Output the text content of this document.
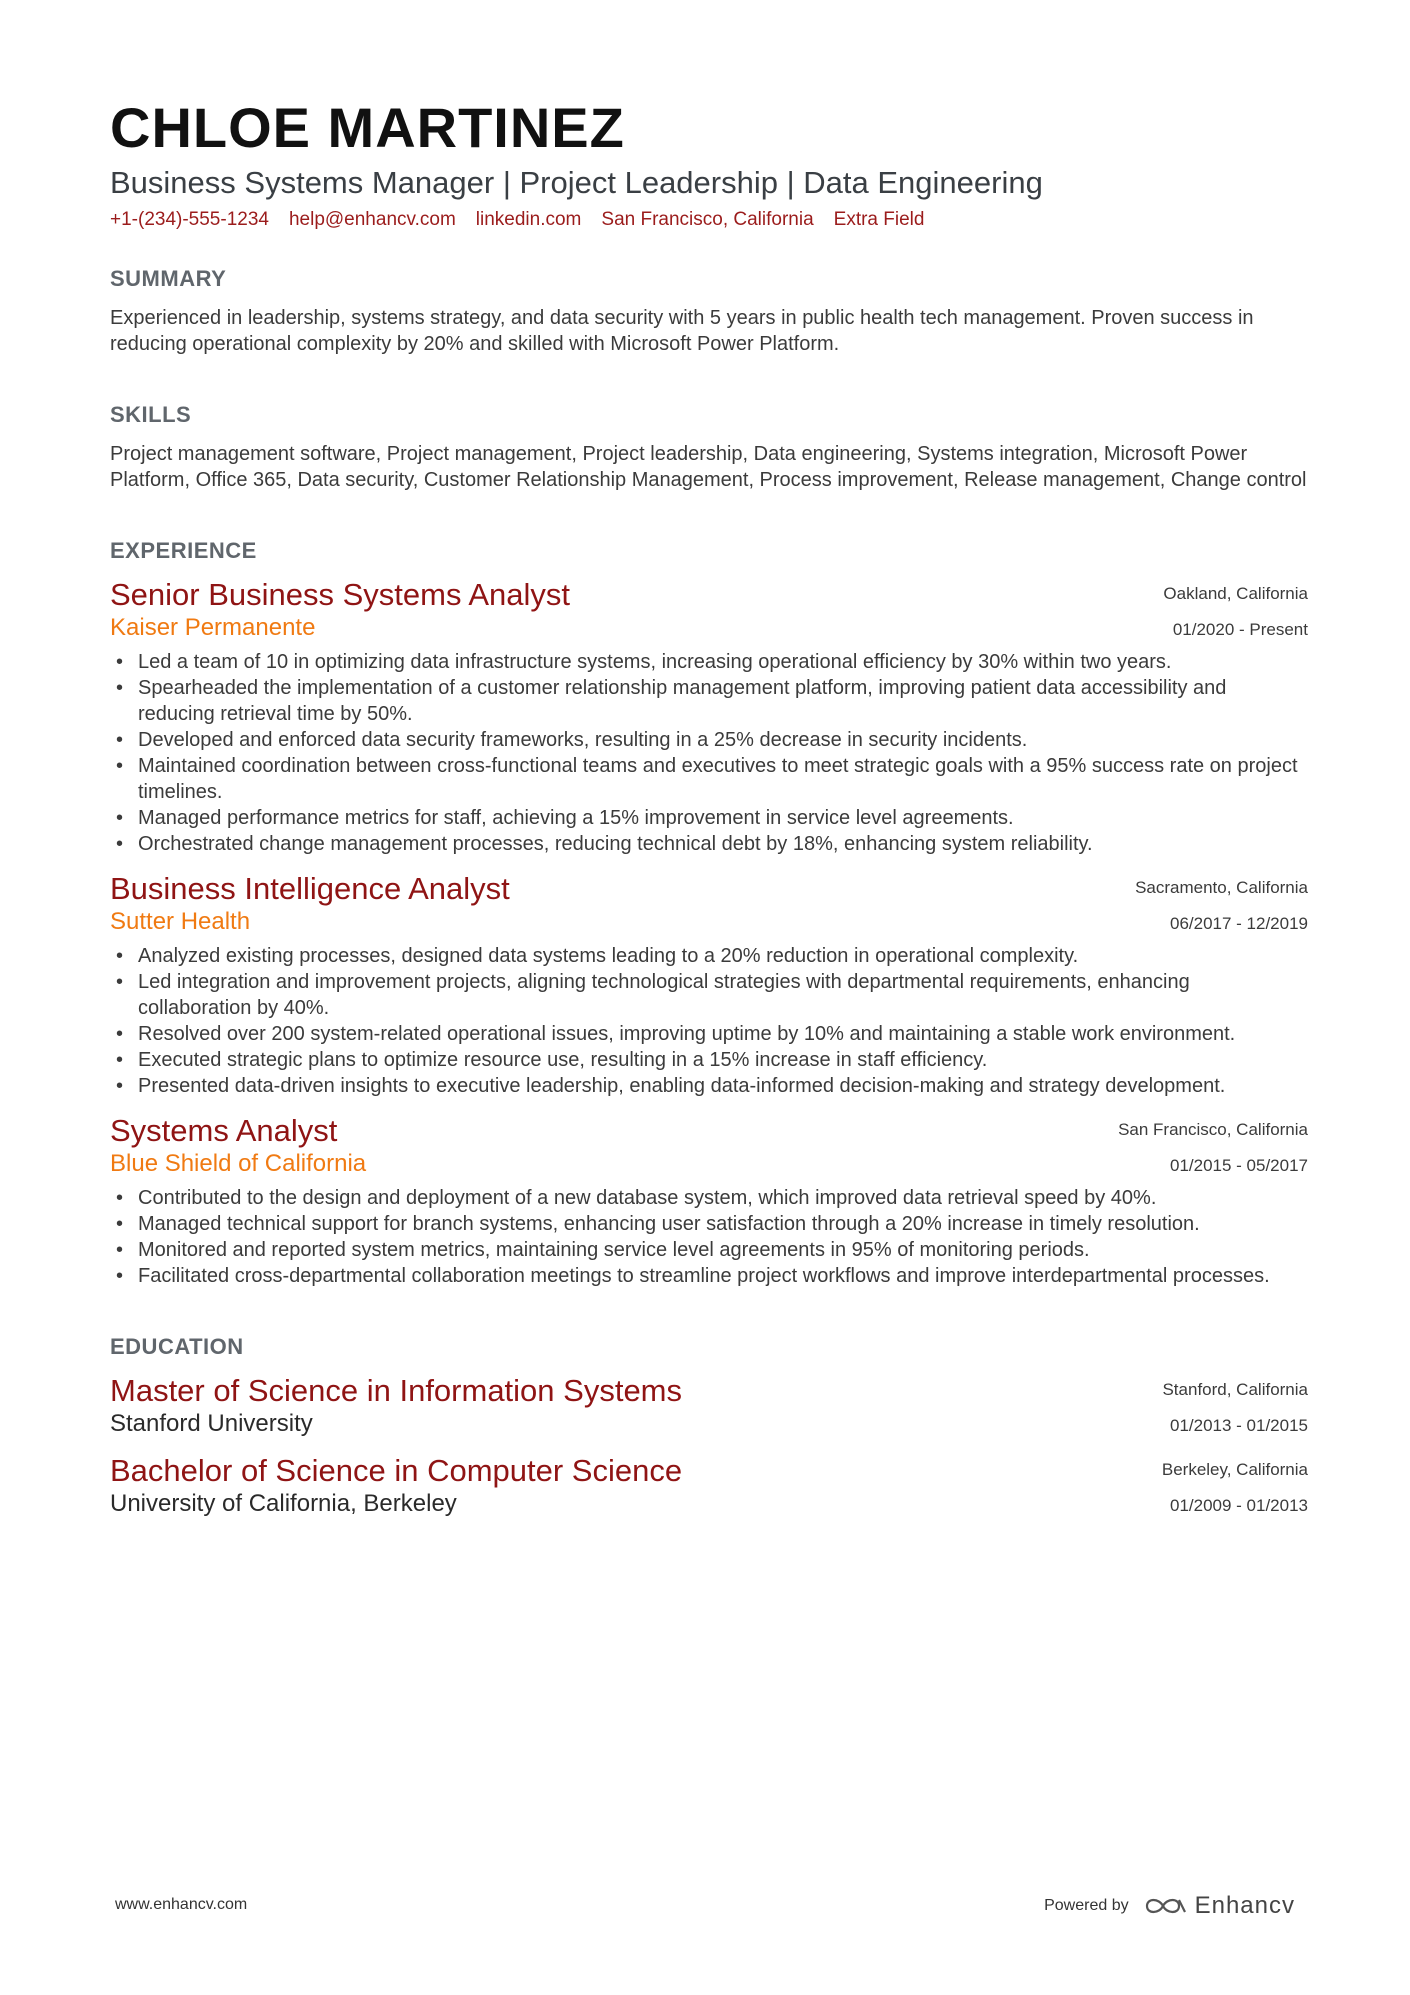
CHLOE MARTINEZ
Business Systems Manager | Project Leadership | Data Engineering
+1-(234)-555-1234 help@enhancv.com linkedin.com San Francisco, California Extra Field
SUMMARY
Experienced in leadership, systems strategy, and data security with 5 years in public health tech management. Proven success in reducing operational complexity by 20% and skilled with Microsoft Power Platform.
SKILLS
Project management software, Project management, Project leadership, Data engineering, Systems integration, Microsoft Power Platform, Office 365, Data security, Customer Relationship Management, Process improvement, Release management, Change control
EXPERIENCE
Senior Business Systems Analyst
Kaiser Permanente
Oakland, California
01/2020 - Present
• Led a team of 10 in optimizing data infrastructure systems, increasing operational efficiency by 30% within two years.
• Spearheaded the implementation of a customer relationship management platform, improving patient data accessibility and reducing retrieval time by 50%.
• Developed and enforced data security frameworks, resulting in a 25% decrease in security incidents.
• Maintained coordination between cross-functional teams and executives to meet strategic goals with a 95% success rate on project timelines.
• Managed performance metrics for staff, achieving a 15% improvement in service level agreements.
• Orchestrated change management processes, reducing technical debt by 18%, enhancing system reliability.
Business Intelligence Analyst
Sutter Health
Sacramento, California
06/2017 - 12/2019
• Analyzed existing processes, designed data systems leading to a 20% reduction in operational complexity.
• Led integration and improvement projects, aligning technological strategies with departmental requirements, enhancing collaboration by 40%.
• Resolved over 200 system-related operational issues, improving uptime by 10% and maintaining a stable work environment.
• Executed strategic plans to optimize resource use, resulting in a 15% increase in staff efficiency.
• Presented data-driven insights to executive leadership, enabling data-informed decision-making and strategy development.
Systems Analyst
Blue Shield of California
San Francisco, California
01/2015 - 05/2017
• Contributed to the design and deployment of a new database system, which improved data retrieval speed by 40%.
• Managed technical support for branch systems, enhancing user satisfaction through a 20% increase in timely resolution.
• Monitored and reported system metrics, maintaining service level agreements in 95% of monitoring periods.
• Facilitated cross-departmental collaboration meetings to streamline project workflows and improve interdepartmental processes.
EDUCATION
Master of Science in Information Systems
Stanford University
Stanford, California
01/2013 - 01/2015
Bachelor of Science in Computer Science
University of California, Berkeley
Berkeley, California
01/2009 - 01/2013
www.enhancv.com	Powered by	Enhancv
